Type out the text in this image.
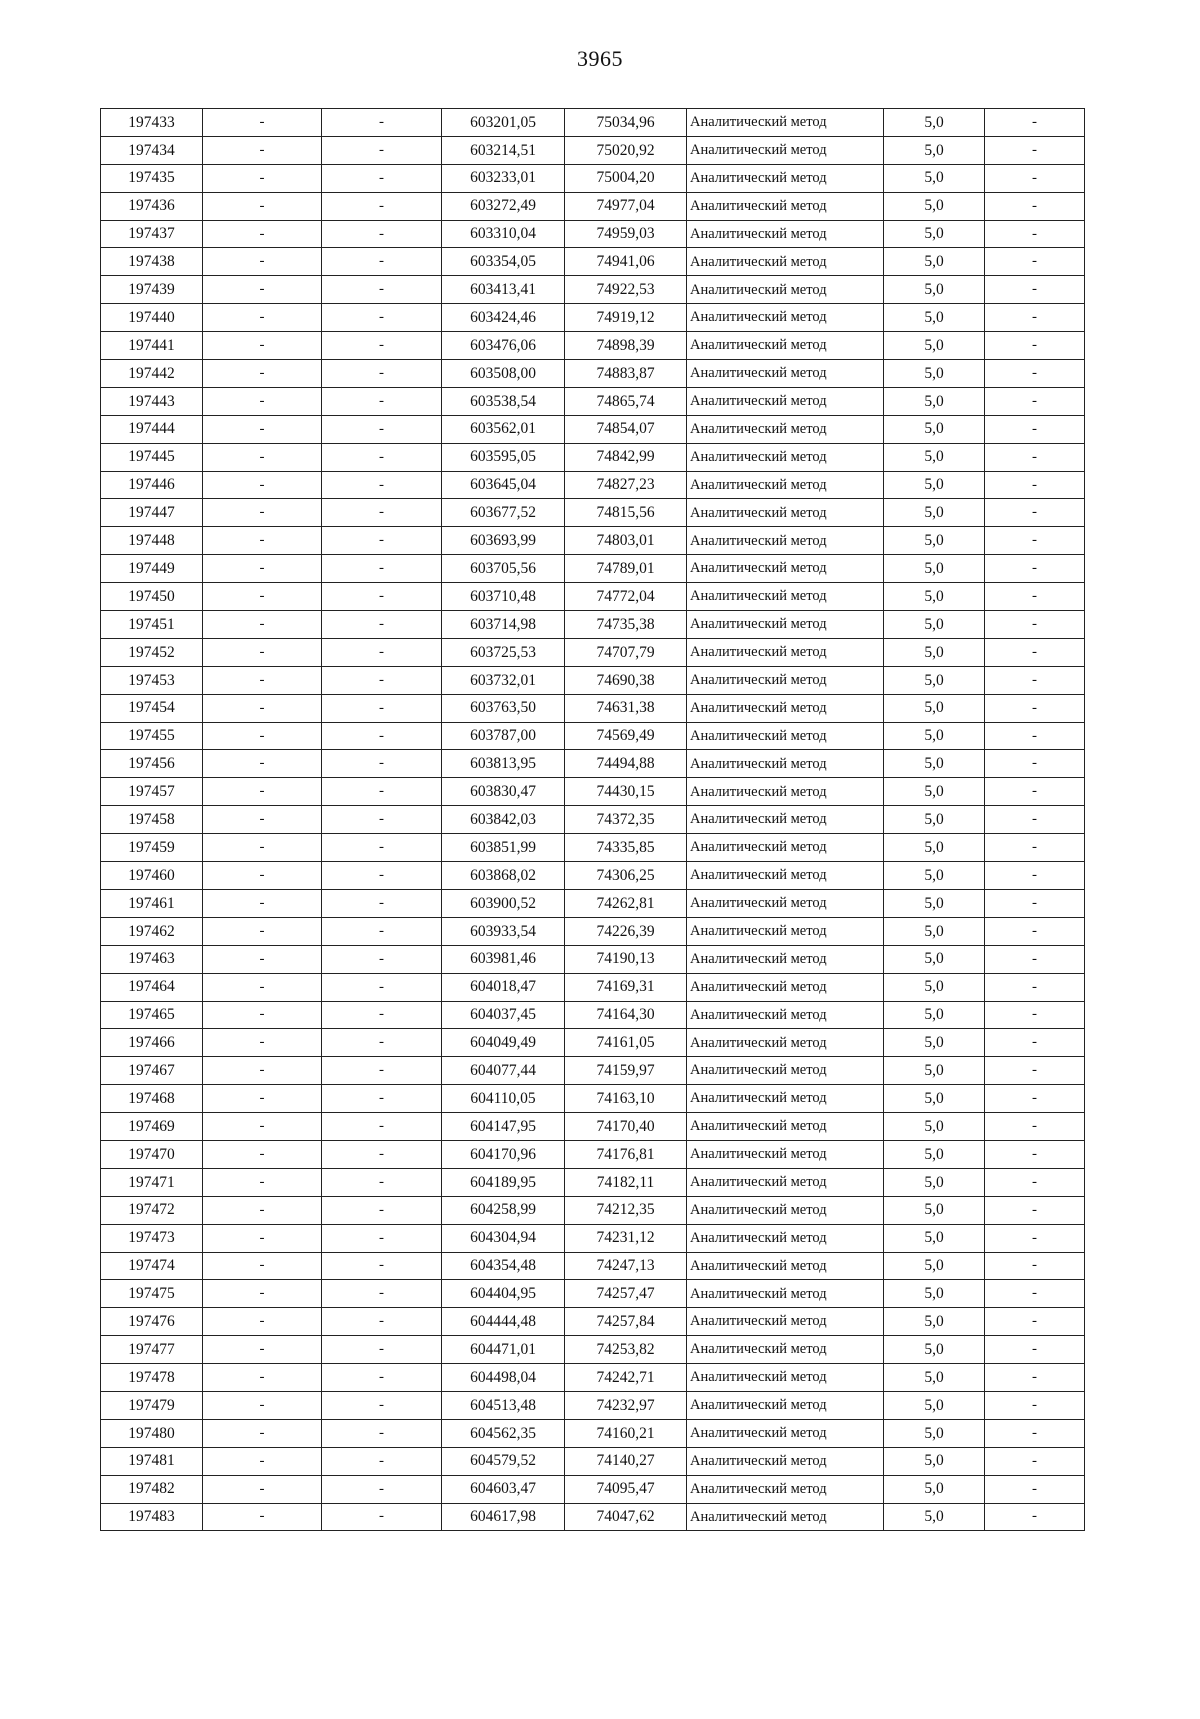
3965
197433	-	-	603201,05	75034,96	Аналитический метод	5,0	-
197434	-	-	603214,51	75020,92	Аналитический метод	5,0	-
197435	-	-	603233,01	75004,20	Аналитический метод	5,0	-
197436	-	-	603272,49	74977,04	Аналитический метод	5,0	-
197437	-	-	603310,04	74959,03	Аналитический метод	5,0	-
197438	-	-	603354,05	74941,06	Аналитический метод	5,0	-
197439	-	-	603413,41	74922,53	Аналитический метод	5,0	-
197440	-	-	603424,46	74919,12	Аналитический метод	5,0	-
197441	-	-	603476,06	74898,39	Аналитический метод	5,0	-
197442	-	-	603508,00	74883,87	Аналитический метод	5,0	-
197443	-	-	603538,54	74865,74	Аналитический метод	5,0	-
197444	-	-	603562,01	74854,07	Аналитический метод	5,0	-
197445	-	-	603595,05	74842,99	Аналитический метод	5,0	-
197446	-	-	603645,04	74827,23	Аналитический метод	5,0	-
197447	-	-	603677,52	74815,56	Аналитический метод	5,0	-
197448	-	-	603693,99	74803,01	Аналитический метод	5,0	-
197449	-	-	603705,56	74789,01	Аналитический метод	5,0	-
197450	-	-	603710,48	74772,04	Аналитический метод	5,0	-
197451	-	-	603714,98	74735,38	Аналитический метод	5,0	-
197452	-	-	603725,53	74707,79	Аналитический метод	5,0	-
197453	-	-	603732,01	74690,38	Аналитический метод	5,0	-
197454	-	-	603763,50	74631,38	Аналитический метод	5,0	-
197455	-	-	603787,00	74569,49	Аналитический метод	5,0	-
197456	-	-	603813,95	74494,88	Аналитический метод	5,0	-
197457	-	-	603830,47	74430,15	Аналитический метод	5,0	-
197458	-	-	603842,03	74372,35	Аналитический метод	5,0	-
197459	-	-	603851,99	74335,85	Аналитический метод	5,0	-
197460	-	-	603868,02	74306,25	Аналитический метод	5,0	-
197461	-	-	603900,52	74262,81	Аналитический метод	5,0	-
197462	-	-	603933,54	74226,39	Аналитический метод	5,0	-
197463	-	-	603981,46	74190,13	Аналитический метод	5,0	-
197464	-	-	604018,47	74169,31	Аналитический метод	5,0	-
197465	-	-	604037,45	74164,30	Аналитический метод	5,0	-
197466	-	-	604049,49	74161,05	Аналитический метод	5,0	-
197467	-	-	604077,44	74159,97	Аналитический метод	5,0	-
197468	-	-	604110,05	74163,10	Аналитический метод	5,0	-
197469	-	-	604147,95	74170,40	Аналитический метод	5,0	-
197470	-	-	604170,96	74176,81	Аналитический метод	5,0	-
197471	-	-	604189,95	74182,11	Аналитический метод	5,0	-
197472	-	-	604258,99	74212,35	Аналитический метод	5,0	-
197473	-	-	604304,94	74231,12	Аналитический метод	5,0	-
197474	-	-	604354,48	74247,13	Аналитический метод	5,0	-
197475	-	-	604404,95	74257,47	Аналитический метод	5,0	-
197476	-	-	604444,48	74257,84	Аналитический метод	5,0	-
197477	-	-	604471,01	74253,82	Аналитический метод	5,0	-
197478	-	-	604498,04	74242,71	Аналитический метод	5,0	-
197479	-	-	604513,48	74232,97	Аналитический метод	5,0	-
197480	-	-	604562,35	74160,21	Аналитический метод	5,0	-
197481	-	-	604579,52	74140,27	Аналитический метод	5,0	-
197482	-	-	604603,47	74095,47	Аналитический метод	5,0	-
197483	-	-	604617,98	74047,62	Аналитический метод	5,0	-
